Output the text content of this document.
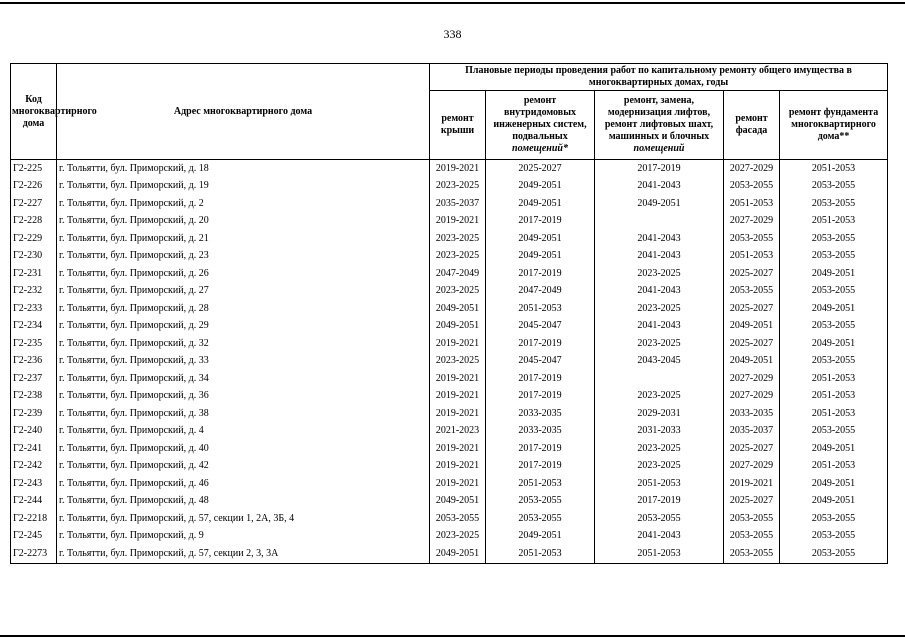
338
Код многоквартирного дома	Адрес многоквартирного дома	Плановые периоды проведения работ по капитальному ремонту общего имущества в многоквартирных домах, годы				
		ремонт крыши	ремонт внутридомовых инженерных систем, подвальных помещений*	ремонт, замена, модернизация лифтов, ремонт лифтовых шахт, машинных и блочных помещений	ремонт фасада	ремонт фундамента многоквартирного дома**
Г2-225	г. Тольятти, бул. Приморский, д. 18	2019-2021	2025-2027	2017-2019	2027-2029	2051-2053
Г2-226	г. Тольятти, бул. Приморский, д. 19	2023-2025	2049-2051	2041-2043	2053-2055	2053-2055
Г2-227	г. Тольятти, бул. Приморский, д. 2	2035-2037	2049-2051	2049-2051	2051-2053	2053-2055
Г2-228	г. Тольятти, бул. Приморский, д. 20	2019-2021	2017-2019		2027-2029	2051-2053
Г2-229	г. Тольятти, бул. Приморский, д. 21	2023-2025	2049-2051	2041-2043	2053-2055	2053-2055
Г2-230	г. Тольятти, бул. Приморский, д. 23	2023-2025	2049-2051	2041-2043	2051-2053	2053-2055
Г2-231	г. Тольятти, бул. Приморский, д. 26	2047-2049	2017-2019	2023-2025	2025-2027	2049-2051
Г2-232	г. Тольятти, бул. Приморский, д. 27	2023-2025	2047-2049	2041-2043	2053-2055	2053-2055
Г2-233	г. Тольятти, бул. Приморский, д. 28	2049-2051	2051-2053	2023-2025	2025-2027	2049-2051
Г2-234	г. Тольятти, бул. Приморский, д. 29	2049-2051	2045-2047	2041-2043	2049-2051	2053-2055
Г2-235	г. Тольятти, бул. Приморский, д. 32	2019-2021	2017-2019	2023-2025	2025-2027	2049-2051
Г2-236	г. Тольятти, бул. Приморский, д. 33	2023-2025	2045-2047	2043-2045	2049-2051	2053-2055
Г2-237	г. Тольятти, бул. Приморский, д. 34	2019-2021	2017-2019		2027-2029	2051-2053
Г2-238	г. Тольятти, бул. Приморский, д. 36	2019-2021	2017-2019	2023-2025	2027-2029	2051-2053
Г2-239	г. Тольятти, бул. Приморский, д. 38	2019-2021	2033-2035	2029-2031	2033-2035	2051-2053
Г2-240	г. Тольятти, бул. Приморский, д. 4	2021-2023	2033-2035	2031-2033	2035-2037	2053-2055
Г2-241	г. Тольятти, бул. Приморский, д. 40	2019-2021	2017-2019	2023-2025	2025-2027	2049-2051
Г2-242	г. Тольятти, бул. Приморский, д. 42	2019-2021	2017-2019	2023-2025	2027-2029	2051-2053
Г2-243	г. Тольятти, бул. Приморский, д. 46	2019-2021	2051-2053	2051-2053	2019-2021	2049-2051
Г2-244	г. Тольятти, бул. Приморский, д. 48	2049-2051	2053-2055	2017-2019	2025-2027	2049-2051
Г2-2218	г. Тольятти, бул. Приморский, д. 57, секции 1, 2А, 3Б, 4	2053-2055	2053-2055	2053-2055	2053-2055	2053-2055
Г2-245	г. Тольятти, бул. Приморский, д. 9	2023-2025	2049-2051	2041-2043	2053-2055	2053-2055
Г2-2273	г. Тольятти, бул. Приморский, д. 57, секции 2, 3, 3А	2049-2051	2051-2053	2051-2053	2053-2055	2053-2055
